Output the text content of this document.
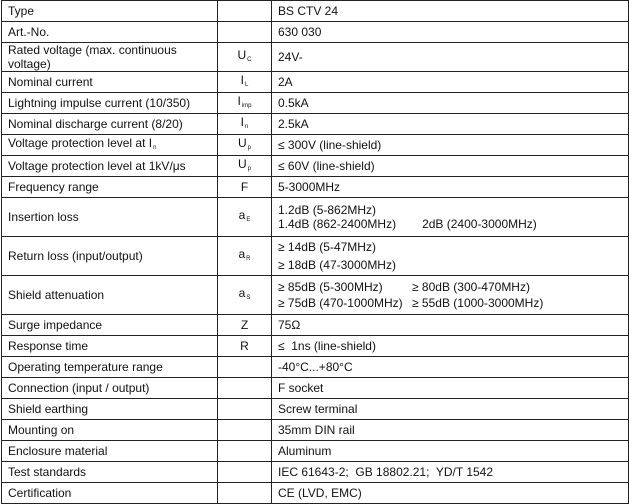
Type		BS CTV 24
Art.-No.		630 030
Rated voltage (max. continuous voltage)	$U_C$	24V-
Nominal current	$I_L$	2A
Lightning impulse current (10/350)	$I_{imp}$	0.5kA
Nominal discharge current (8/20)	$I_n$	2.5kA
Voltage protection level at $I_n$	$U_p$	≤ 300V (line-shield)
Voltage protection level at 1kV/μs	$U_p$	≤ 60V (line-shield)
Frequency range	F	5-3000MHz
Insertion loss	$a_E$	1.2dB (5-862MHz)
1.4dB (862-2400MHz) 2dB (2400-3000MHz)

Return loss (input/output)	$a_R$	≥ 14dB (5-47MHz)
≥ 18dB (47-3000MHz)

Shield attenuation	$a_S$	≥ 85dB (5-300MHz) ≥ 80dB (300-470MHz)
≥ 75dB (470-1000MHz) ≥ 55dB (1000-3000MHz)

Surge impedance	Z	75Ω
Response time	R	≤  1ns (line-shield)
Operating temperature range		-40°C...+80°C
Connection (input / output)		F socket
Shield earthing		Screw terminal
Mounting on		35mm DIN rail
Enclosure material		Aluminum
Test standards		IEC 61643-2;  GB 18802.21;  YD/T 1542
Certification		CE (LVD, EMC)
